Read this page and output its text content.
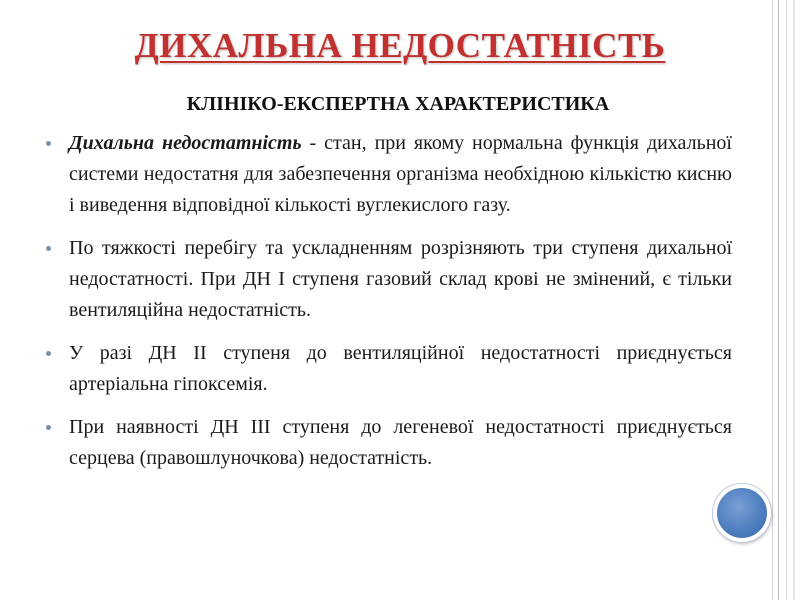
ДИХАЛЬНА НЕДОСТАТНІСТЬ
КЛІНІКО-ЕКСПЕРТНА ХАРАКТЕРИСТИКА

Дихальна недостатність - стан, при якому нормальна функція дихальної системи недостатня для забезпечення організма необхідною кількістю кисню і виведення відповідної кількості вуглекислого газу.

По тяжкості перебігу та ускладненням розрізняють три ступеня дихальної недостатності. При ДН І ступеня газовий склад крові не змінений, є тільки вентиляційна недостатність.

У разі ДН ІІ ступеня до вентиляційної недостатності приєднується артеріальна гіпоксемія.

При наявності ДН ІІІ ступеня до легеневої недостатності приєднується серцева (правошлуночкова) недостатність.
